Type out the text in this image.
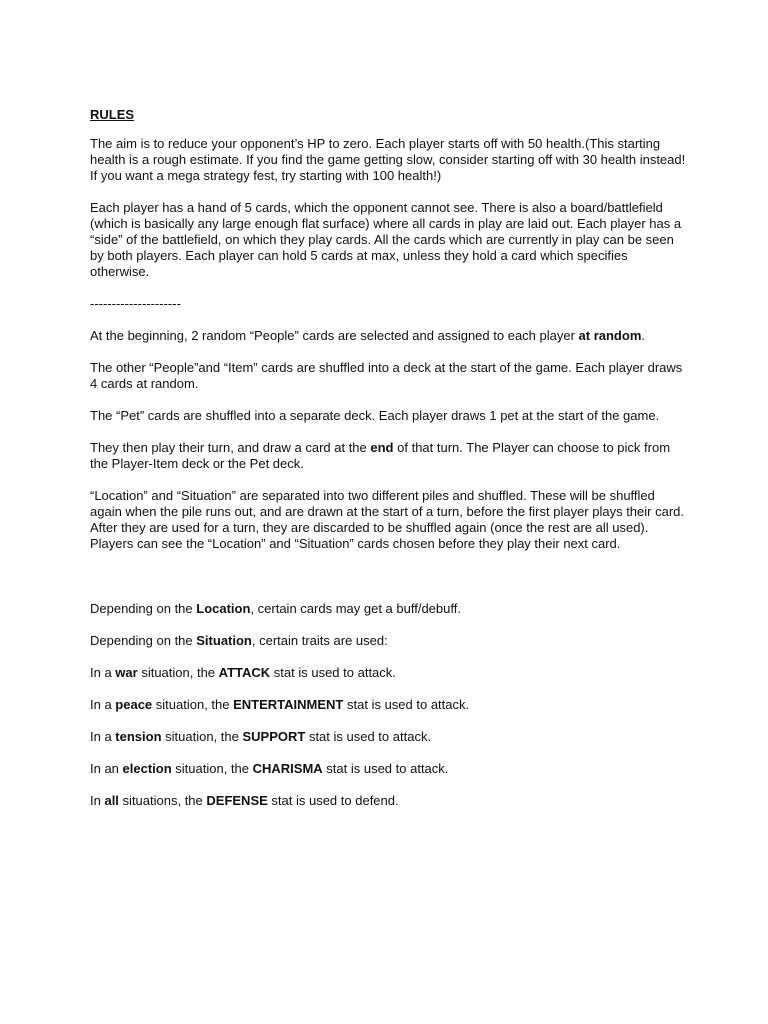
RULES

The aim is to reduce your opponent’s HP to zero. Each player starts off with 50 health.(This starting health is a rough estimate. If you find the game getting slow, consider starting off with 30 health instead! If you want a mega strategy fest, try starting with 100 health!)

Each player has a hand of 5 cards, which the opponent cannot see. There is also a board/battlefield (which is basically any large enough flat surface) where all cards in play are laid out. Each player has a “side” of the battlefield, on which they play cards. All the cards which are currently in play can be seen by both players. Each player can hold 5 cards at max, unless they hold a card which specifies otherwise.

---------------------

At the beginning, 2 random “People” cards are selected and assigned to each player at random.

The other “People”and “Item” cards are shuffled into a deck at the start of the game. Each player draws 4 cards at random.

The “Pet” cards are shuffled into a separate deck. Each player draws 1 pet at the start of the game.

They then play their turn, and draw a card at the end of that turn. The Player can choose to pick from the Player-Item deck or the Pet deck.

“Location” and “Situation” are separated into two different piles and shuffled. These will be shuffled again when the pile runs out, and are drawn at the start of a turn, before the first player plays their card. After they are used for a turn, they are discarded to be shuffled again (once the rest are all used). Players can see the “Location” and “Situation” cards chosen before they play their next card.

Depending on the Location, certain cards may get a buff/debuff.

Depending on the Situation, certain traits are used:

In a war situation, the ATTACK stat is used to attack.

In a peace situation, the ENTERTAINMENT stat is used to attack.

In a tension situation, the SUPPORT stat is used to attack.

In an election situation, the CHARISMA stat is used to attack.

In all situations, the DEFENSE stat is used to defend.
